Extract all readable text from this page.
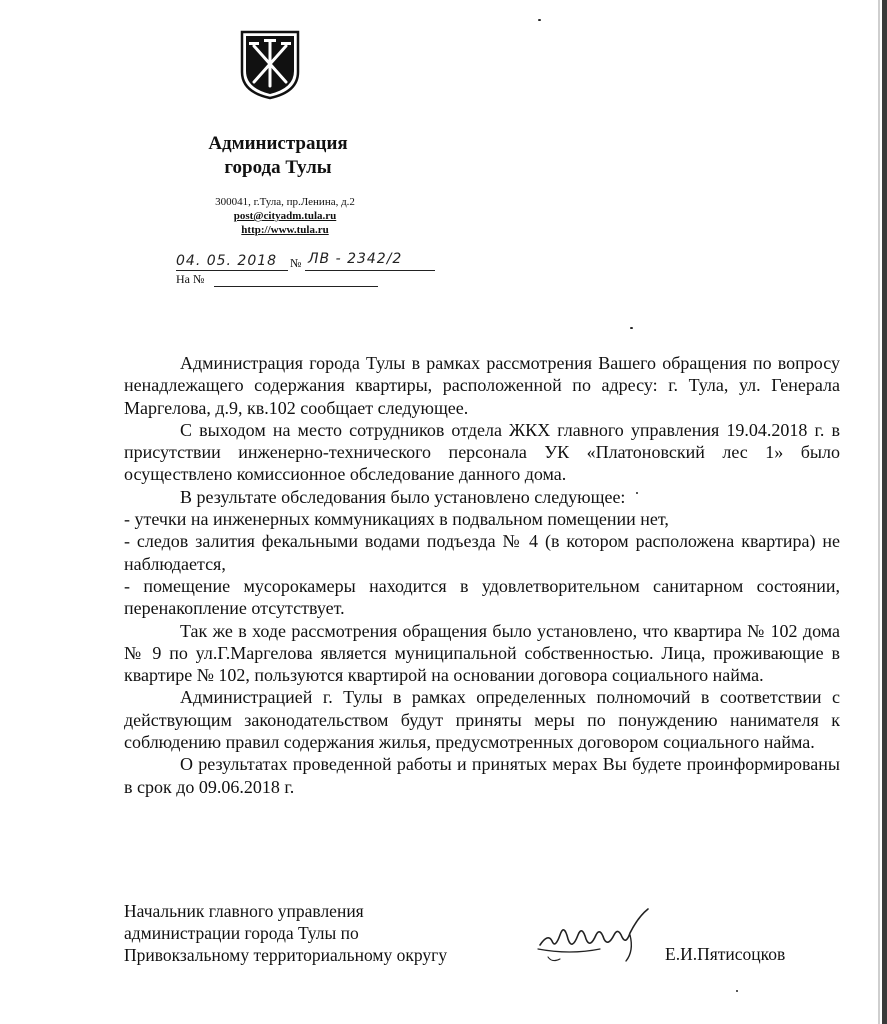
Администрация
города Тулы
300041, г.Тула, пр.Ленина, д.2
post@cityadm.tula.ru
http://www.tula.ru
04. 05. 2018 № ЛВ - 2342/2
На №

Администрация города Тулы в рамках рассмотрения Вашего обращения по вопросу ненадлежащего содержания квартиры, расположенной по адресу: г. Тула, ул. Генерала Маргелова, д.9, кв.102 сообщает следующее.

С выходом на место сотрудников отдела ЖКХ главного управления 19.04.2018 г. в присутствии инженерно-технического персонала УК «Платоновский лес 1» было осуществлено комиссионное обследование данного дома.

В результате обследования было установлено следующее:

- утечки на инженерных коммуникациях в подвальном помещении нет,

- следов залития фекальными водами подъезда № 4 (в котором расположена квартира) не наблюдается,

- помещение мусорокамеры находится в удовлетворительном санитарном состоянии, перенакопление отсутствует.

Так же в ходе рассмотрения обращения было установлено, что квартира № 102 дома № 9 по ул.Г.Маргелова является муниципальной собственностью. Лица, проживающие в квартире № 102, пользуются квартирой на основании договора социального найма.

Администрацией г. Тулы в рамках определенных полномочий в соответствии с действующим законодательством будут приняты меры по понуждению нанимателя к соблюдению правил содержания жилья, предусмотренных договором социального найма.

О результатах проведенной работы и принятых мерах Вы будете проинформированы в срок до 09.06.2018 г.

Начальник главного управления
администрации города Тулы по
Привокзальному территориальному округу	Е.И.Пятисоцков
